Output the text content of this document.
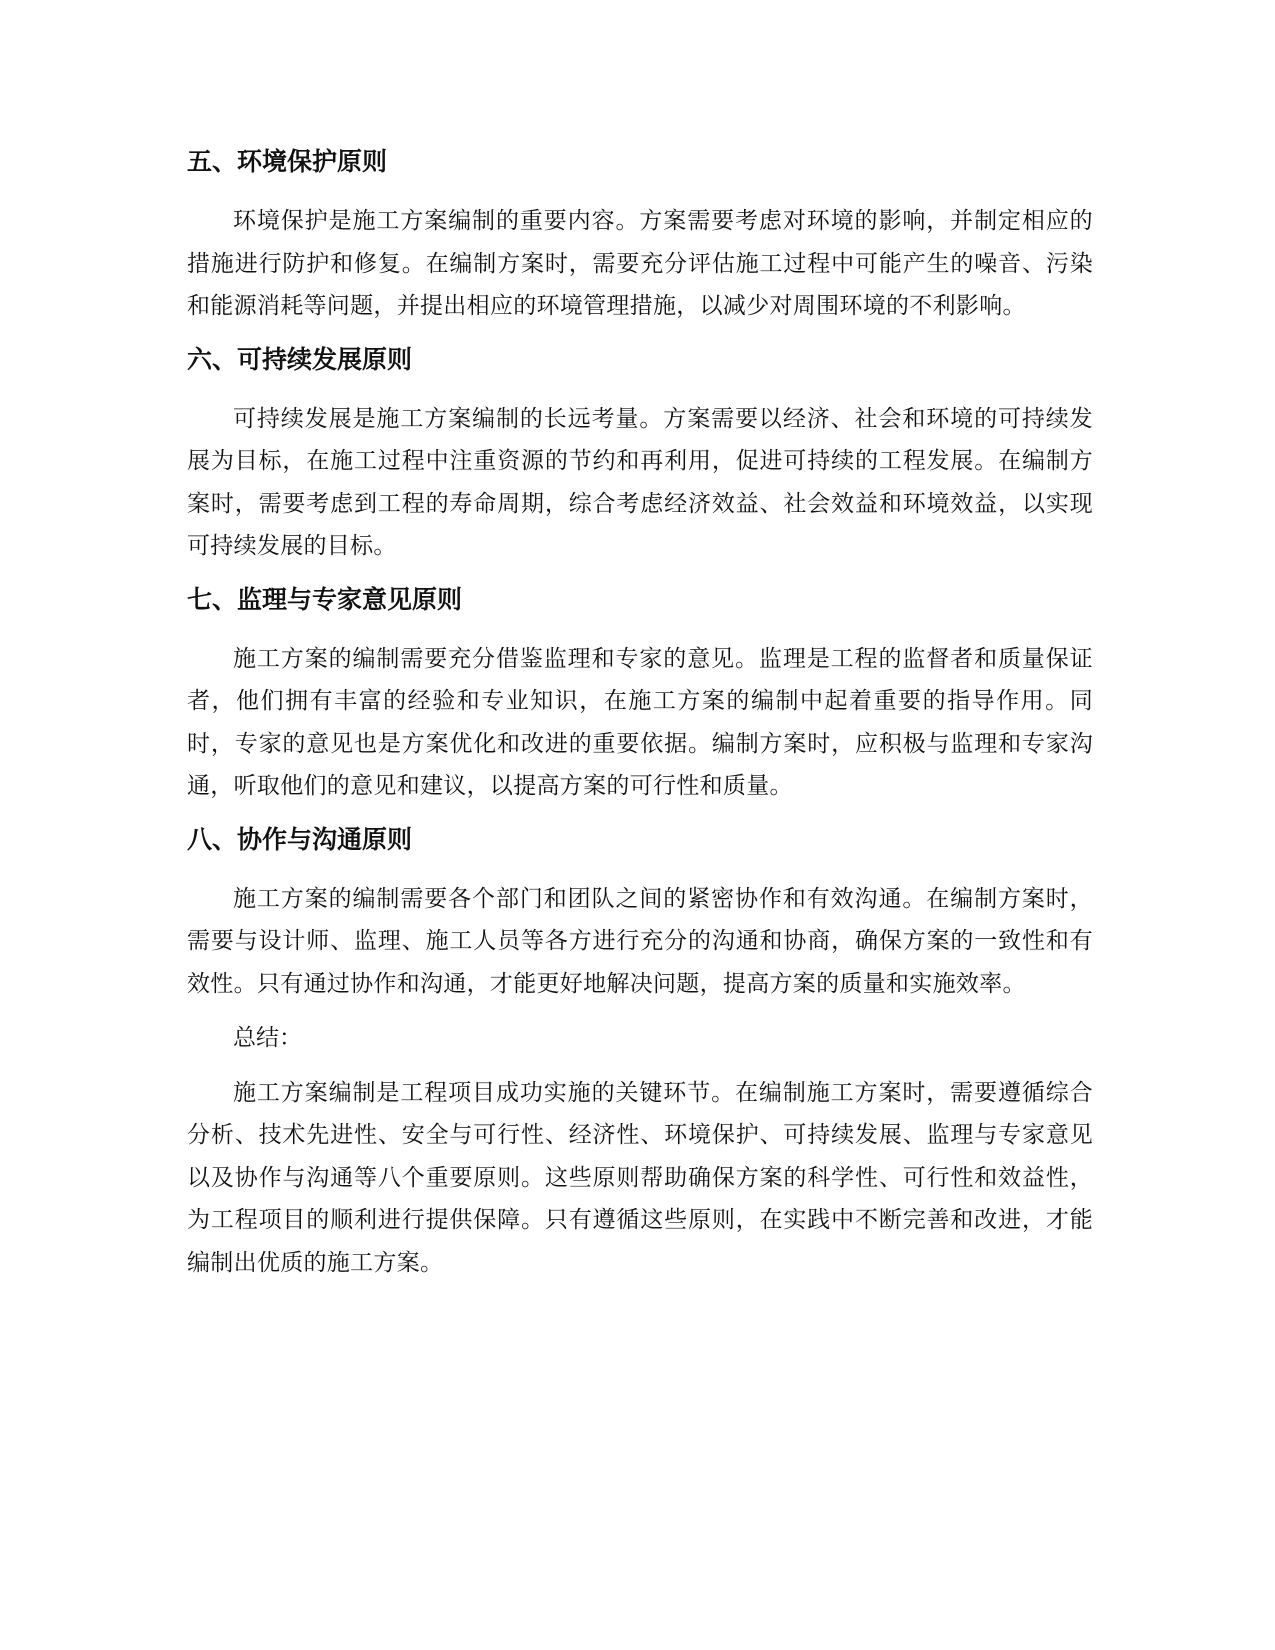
五、环境保护原则

环境保护是施工方案编制的重要内容。方案需要考虑对环境的影响，并制定相应的措施进行防护和修复。在编制方案时，需要充分评估施工过程中可能产生的噪音、污染和能源消耗等问题，并提出相应的环境管理措施，以减少对周围环境的不利影响。

六、可持续发展原则

可持续发展是施工方案编制的长远考量。方案需要以经济、社会和环境的可持续发展为目标，在施工过程中注重资源的节约和再利用，促进可持续的工程发展。在编制方案时，需要考虑到工程的寿命周期，综合考虑经济效益、社会效益和环境效益，以实现可持续发展的目标。

七、监理与专家意见原则

施工方案的编制需要充分借鉴监理和专家的意见。监理是工程的监督者和质量保证者，他们拥有丰富的经验和专业知识，在施工方案的编制中起着重要的指导作用。同时，专家的意见也是方案优化和改进的重要依据。编制方案时，应积极与监理和专家沟通，听取他们的意见和建议，以提高方案的可行性和质量。

八、协作与沟通原则

施工方案的编制需要各个部门和团队之间的紧密协作和有效沟通。在编制方案时，需要与设计师、监理、施工人员等各方进行充分的沟通和协商，确保方案的一致性和有效性。只有通过协作和沟通，才能更好地解决问题，提高方案的质量和实施效率。

总结：

施工方案编制是工程项目成功实施的关键环节。在编制施工方案时，需要遵循综合分析、技术先进性、安全与可行性、经济性、环境保护、可持续发展、监理与专家意见以及协作与沟通等八个重要原则。这些原则帮助确保方案的科学性、可行性和效益性，为工程项目的顺利进行提供保障。只有遵循这些原则，在实践中不断完善和改进，才能编制出优质的施工方案。
